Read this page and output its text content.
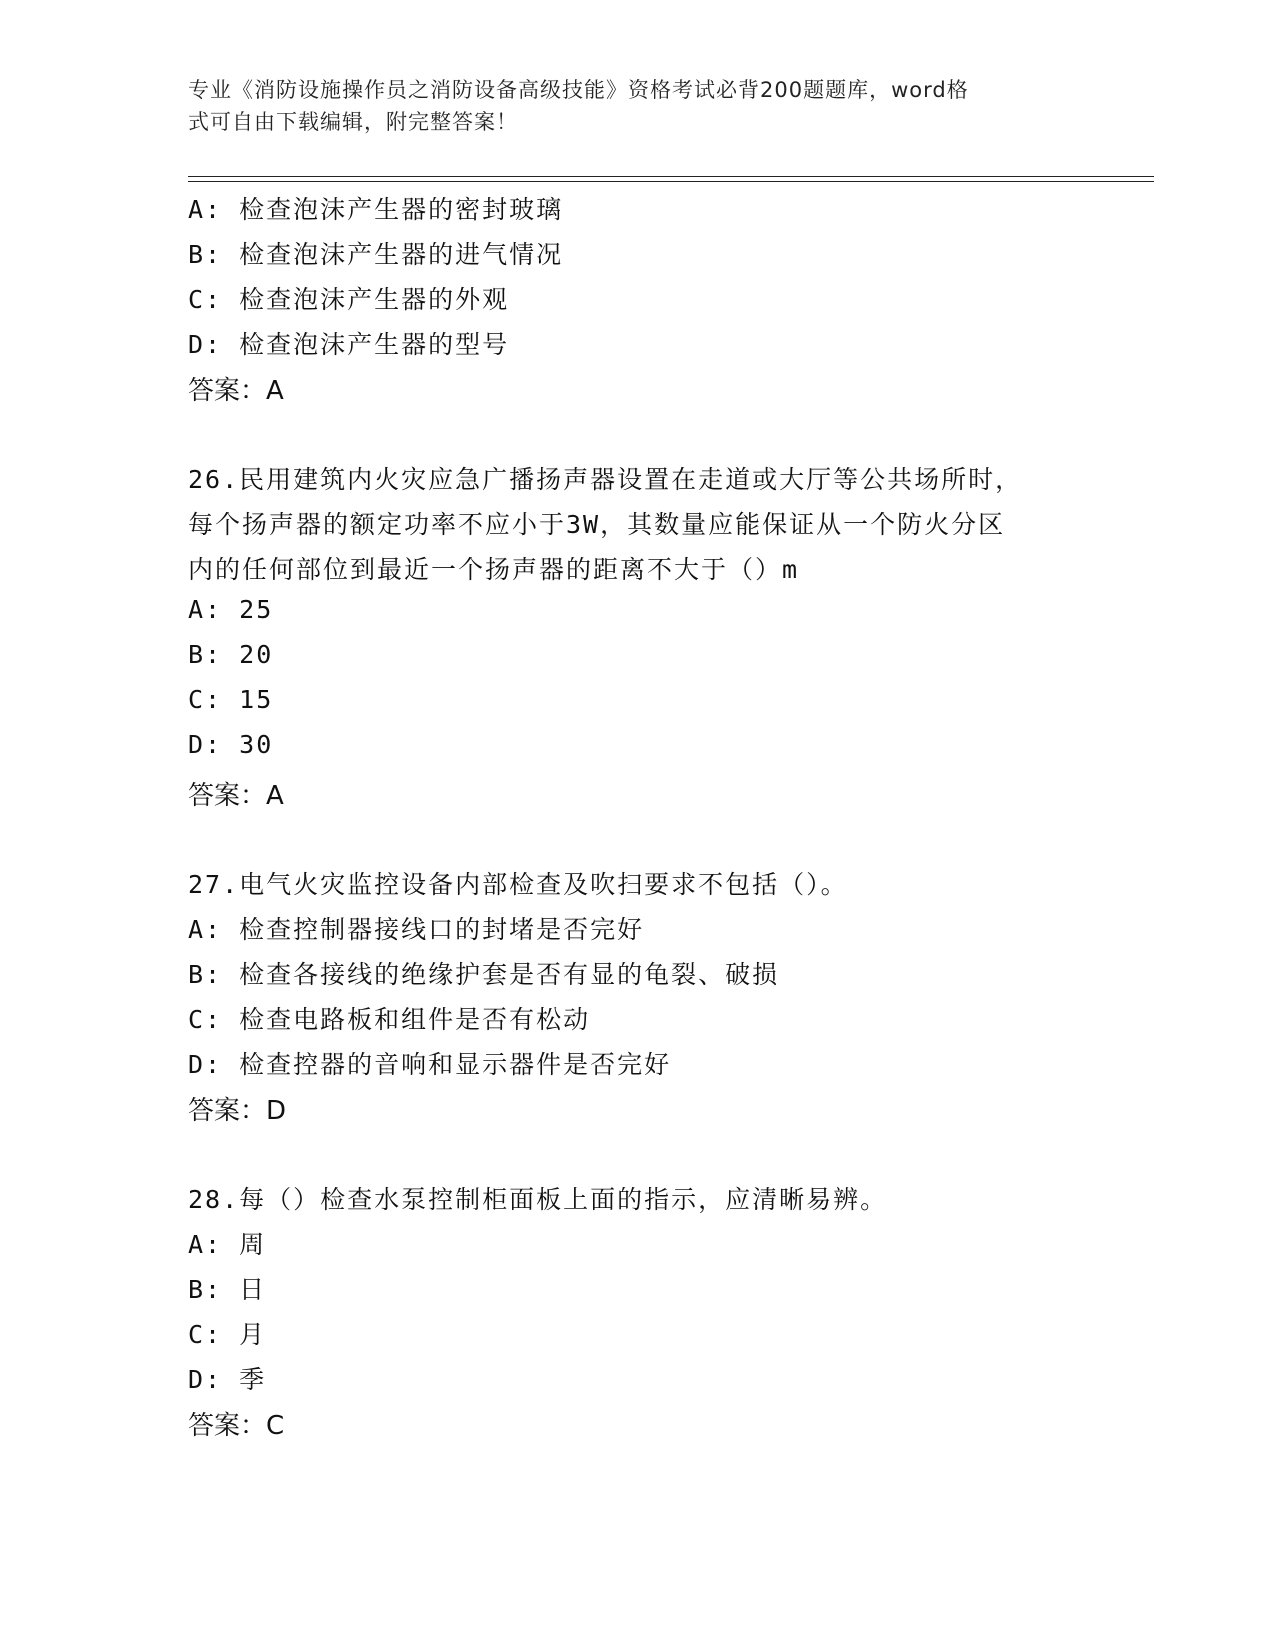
专业《消防设施操作员之消防设备高级技能》资格考试必背200题题库，word格
式可自由下载编辑，附完整答案！
A: 检查泡沫产生器的密封玻璃
B: 检查泡沫产生器的进气情况
C: 检查泡沫产生器的外观
D: 检查泡沫产生器的型号
答案：A
26.民用建筑内火灾应急广播扬声器设置在走道或大厅等公共场所时，
每个扬声器的额定功率不应小于3W，其数量应能保证从一个防火分区
内的任何部位到最近一个扬声器的距离不大于（）m
A: 25
B: 20
C: 15
D: 30
答案：A
27.电气火灾监控设备内部检查及吹扫要求不包括（）。
A: 检查控制器接线口的封堵是否完好
B: 检查各接线的绝缘护套是否有显的龟裂、破损
C: 检查电路板和组件是否有松动
D: 检查控器的音响和显示器件是否完好
答案：D
28.每（）检查水泵控制柜面板上面的指示，应清晰易辨。
A: 周
B: 日
C: 月
D: 季
答案：C
